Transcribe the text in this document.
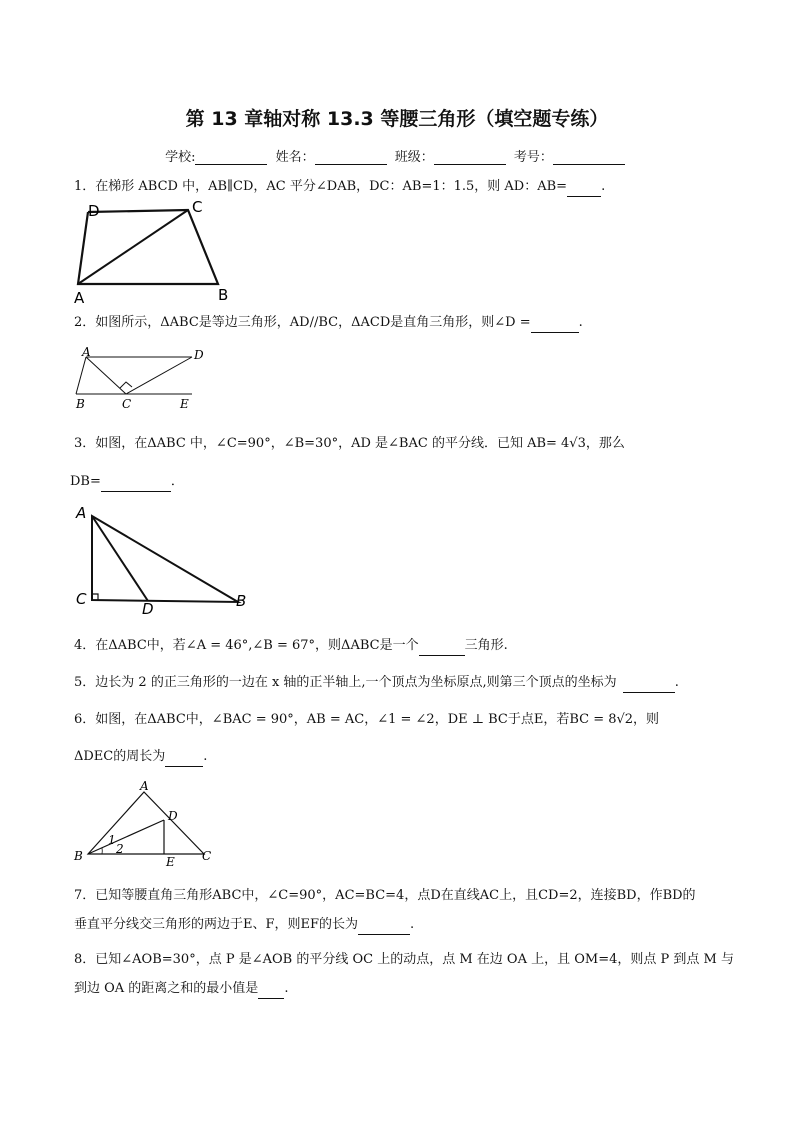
第 13 章轴对称 13.3 等腰三角形（填空题专练）
学校:	姓名：	班级：	考号：
1．在梯形 ABCD 中，AB∥CD，AC 平分∠DAB，DC：AB=1：1.5，则 AD：AB=	.
D	C
A	B
2．如图所示，ΔABC是等边三角形，AD//BC，ΔACD是直角三角形，则∠D =	.
A	D
B	C	E
3．如图，在ΔABC 中，∠C=90°，∠B=30°，AD 是∠BAC 的平分线．已知 AB= 4√3，那么
DB=	．
A
C
D	B
4．在ΔABC中，若∠A = 46°,∠B = 67°，则ΔABC是一个	三角形.
5．边长为 2 的正三角形的一边在 x 轴的正半轴上,一个顶点为坐标原点,则第三个顶点的坐标为	.
6．如图，在ΔABC中，∠BAC = 90°，AB = AC，∠1 = ∠2，DE ⊥ BC于点E，若BC = 8√2，则
ΔDEC的周长为	.
A
D
B	E C
1
2
7．已知等腰直角三角形ABC中，∠C=90°，AC=BC=4，点D在直线AC上，且CD=2，连接BD，作BD的
垂直平分线交三角形的两边于E、F，则EF的长为	.
8．已知∠AOB=30°，点 P 是∠AOB 的平分线 OC 上的动点，点 M 在边 OA 上，且 OM=4，则点 P 到点 M 与
到边 OA 的距离之和的最小值是 .
